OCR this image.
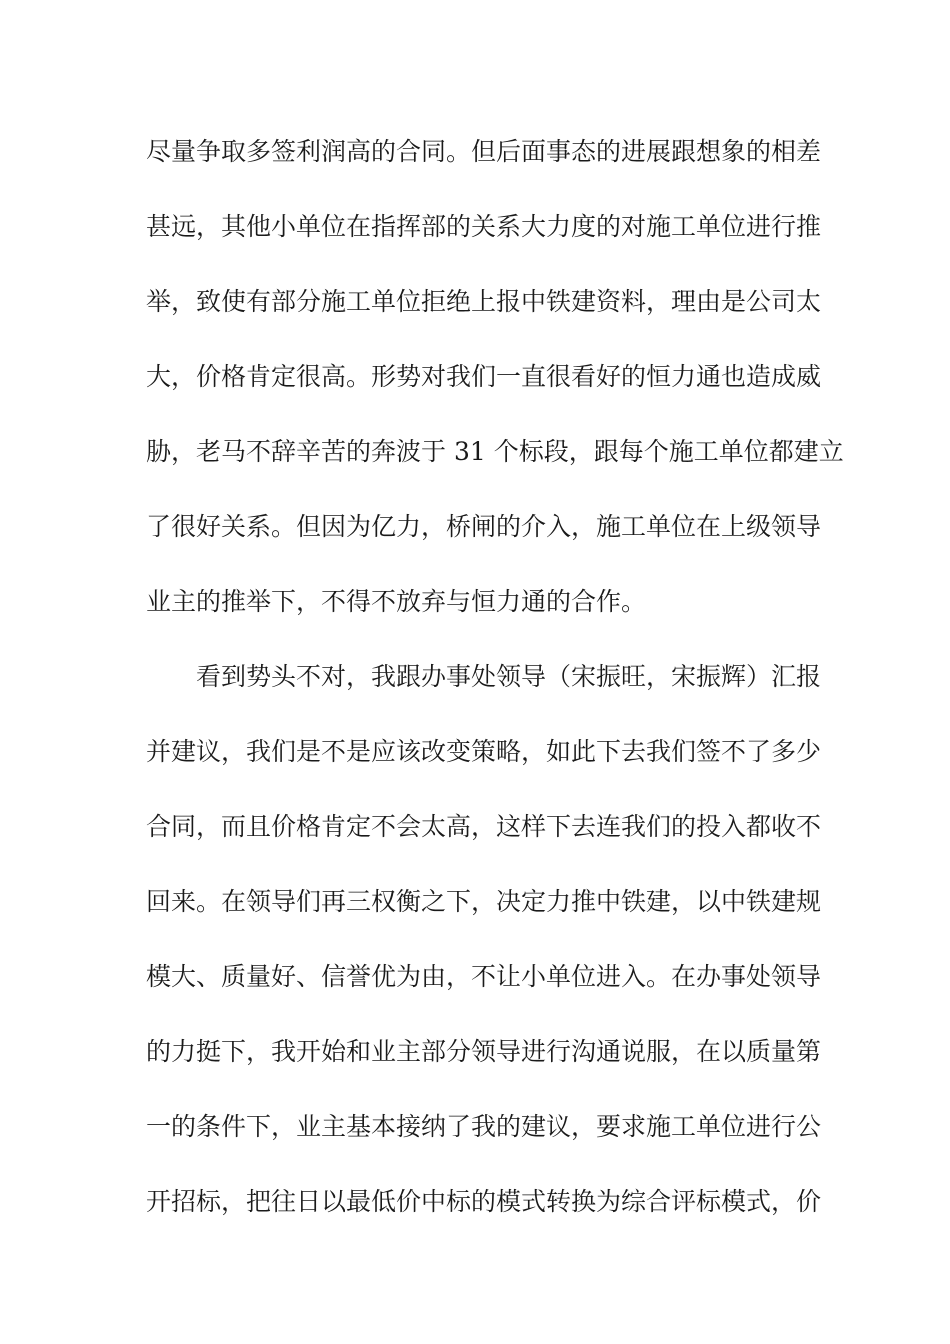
尽量争取多签利润高的合同。但后面事态的进展跟想象的相差
甚远，其他小单位在指挥部的关系大力度的对施工单位进行推
举，致使有部分施工单位拒绝上报中铁建资料，理由是公司太
大，价格肯定很高。形势对我们一直很看好的恒力通也造成威
胁，老马不辞辛苦的奔波于 31 个标段，跟每个施工单位都建立
了很好关系。但因为亿力，桥闸的介入，施工单位在上级领导
业主的推举下，不得不放弃与恒力通的合作。
看到势头不对，我跟办事处领导（宋振旺，宋振辉）汇报
并建议，我们是不是应该改变策略，如此下去我们签不了多少
合同，而且价格肯定不会太高，这样下去连我们的投入都收不
回来。在领导们再三权衡之下，决定力推中铁建，以中铁建规
模大、质量好、信誉优为由，不让小单位进入。在办事处领导
的力挺下，我开始和业主部分领导进行沟通说服，在以质量第
一的条件下，业主基本接纳了我的建议，要求施工单位进行公
开招标，把往日以最低价中标的模式转换为综合评标模式，价
